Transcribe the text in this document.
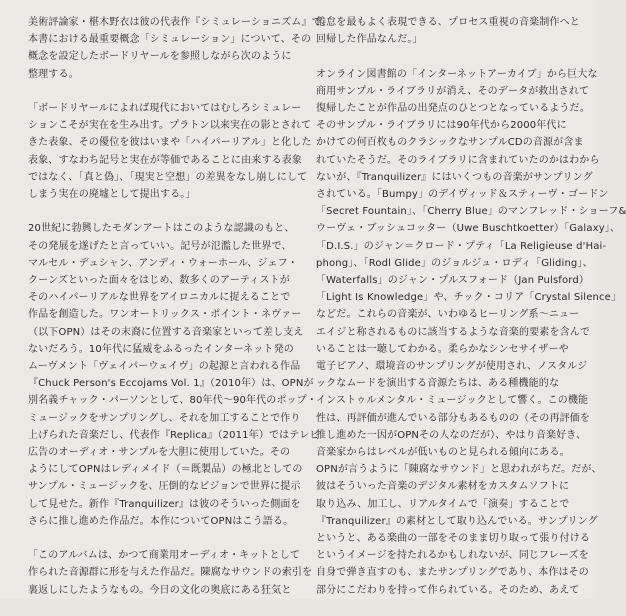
美術評論家・椹木野衣は彼の代表作『シミュレーショニズム』で、
本書における最重要概念「シミュレーション」について、その
概念を設定したボードリヤールを参照しながら次のように
整理する。

「ボードリヤールによれば現代においてはむしろシミュレー
ションこそが実在を生み出す。プラトン以来実在の影とされて
きた表象、その優位を彼はいまや「ハイパーリアル」と化した
表象、すなわち記号と実在が等価であることに由来する表象
ではなく、「真と偽」、「現実と空想」の差異をなし崩しにして
しまう実在の廃墟として提出する。」

20世紀に勃興したモダンアートはこのような認識のもと、
その発展を遂げたと言っていい。記号が氾濫した世界で、
マルセル・デュシャン、アンディ・ウォーホール、ジェフ・
クーンズといった面々をはじめ、数多くのアーティストが
そのハイパーリアルな世界をアイロニカルに捉えることで
作品を創造した。ワンオートリックス・ポイント・ネヴァー
（以下OPN）はその末裔に位置する音楽家といって差し支え
ないだろう。10年代に猛威をふるったインターネット発の
ムーヴメント「ヴェイパーウェイヴ」の起源と言われる作品
『Chuck Person's Eccojams Vol. 1』（2010年）は、OPNが
別名義チャック・パーソンとして、80年代〜90年代のポップ・
ミュージックをサンプリングし、それを加工することで作り
上げられた音楽だし、代表作『Replica』（2011年）ではテレビ
広告のオーディオ・サンプルを大胆に使用していた。その
ようにしてOPNはレディメイド（＝既製品）の極北としての
サンプル・ミュージックを、圧倒的なビジョンで世界に提示
して見せた。新作『Tranquilizer』は彼のそういった側面を
さらに推し進めた作品だ。本作についてOPNはこう語る。

「このアルバムは、かつて商業用オーディオ・キットとして
作られた音源群に形を与えた作品だ。陳腐なサウンドの索引を
裏返しにしたようなもの。今日の文化の奥底にある狂気と

倦怠を最もよく表現できる、プロセス重視の音楽制作へと
回帰した作品なんだ。」

オンライン図書館の「インターネットアーカイブ」から巨大な
商用サンプル・ライブラリが消え、そのデータが救出されて
復帰したことが作品の出発点のひとつとなっているようだ。
そのサンプル・ライブラリには90年代から2000年代に
かけての何百枚ものクラシックなサンプルCDの音源が含ま
れていたそうだ。そのライブラリに含まれていたのかはわから
ないが、『Tranquilizer』にはいくつもの音楽がサンプリング
されている。「Bumpy」のデイヴィッド＆スティーヴ・ゴードン
「Secret Fountain」、「Cherry Blue」のマンフレッド・ショーフ&
ウーヴェ・ブッシュコッター（Uwe Buschtkoetter）「Galaxy」、
「D.I.S.」のジャン＝クロード・プティ「La Religieuse d'Hai-
phong」、「Rodl Glide」のジョルジュ・ロディ「Gliding」、
「Waterfalls」のジャン・プルスフォード（Jan Pulsford）
「Light Is Knowledge」や、チック・コリア「Crystal Silence」
などだ。これらの音楽が、いわゆるヒーリング系〜ニュー
エイジと称されるものに該当するような音楽的要素を含んで
いることは一聴してわかる。柔らかなシンセサイザーや
電子ピアノ、環境音のサンプリングが使用され、ノスタルジ
ックなムードを演出する音源たちは、ある種機能的な
インストゥルメンタル・ミュージックとして響く。この機能
性は、再評価が進んでいる部分もあるものの（その再評価を
推し進めた一因がOPNその人なのだが）、やはり音楽好き、
音楽家からはレベルが低いものと見られる傾向にある。
OPNが言うように「陳腐なサウンド」と思われがちだ。だが、
彼はそういった音楽のデジタル素材をカスタムソフトに
取り込み、加工し、リアルタイムで「演奏」することで
『Tranquilizer』の素材として取り込んでいる。サンプリング
というと、ある楽曲の一部をそのまま切り取って張り付ける
というイメージを持たれるかもしれないが、同じフレーズを
自身で弾き直すのも、またサンプリングであり、本作はその
部分にこだわりを持って作られている。そのため、あえて
